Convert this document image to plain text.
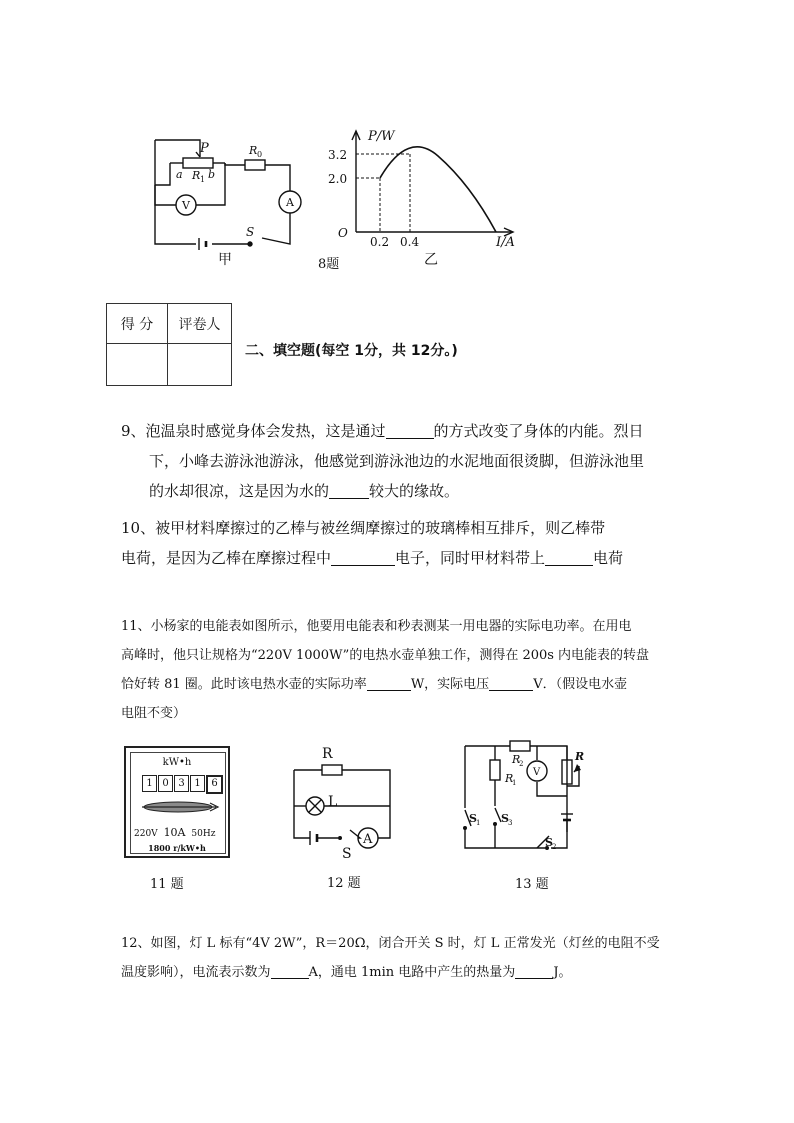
P
a R 1 b
R 0
V	A
S
甲
P/W
3.2
2.0
O
0.2 0.4	I/A
乙
8题
得 分	评卷人

二、填空题(每空 1分，共 12分。)
9、泡温泉时感觉身体会发热，这是通过	的方式改变了身体的内能。烈日
下，小峰去游泳池游泳，他感觉到游泳池边的水泥地面很烫脚，但游泳池里
的水却很凉，这是因为水的	较大的缘故。
10、被甲材料摩擦过的乙棒与被丝绸摩擦过的玻璃棒相互排斥，则乙棒带
电荷，是因为乙棒在摩擦过程中	电子，同时甲材料带上	电荷
11、小杨家的电能表如图所示，他要用电能表和秒表测某一用电器的实际电功率。在用电
高峰时，他只让规格为“220V 1000W”的电热水壶单独工作，测得在 200s 内电能表的转盘
恰好转 81 圈。此时该电热水壶的实际功率	W，实际电压	V．（假设电水壶
电阻不变）
kW•h
1 0 3 1	6
220V 10A 50Hz
1800 r/kW•h
11 题
R
L
A
S
12 题
R
2
R
1
V
R
S 1 S 3
S 2
13 题
12、如图，灯 L 标有“4V 2W”，R＝20Ω，闭合开关 S 时，灯 L 正常发光（灯丝的电阻不受
温度影响），电流表示数为	A，通电 1min 电路中产生的热量为	J。
